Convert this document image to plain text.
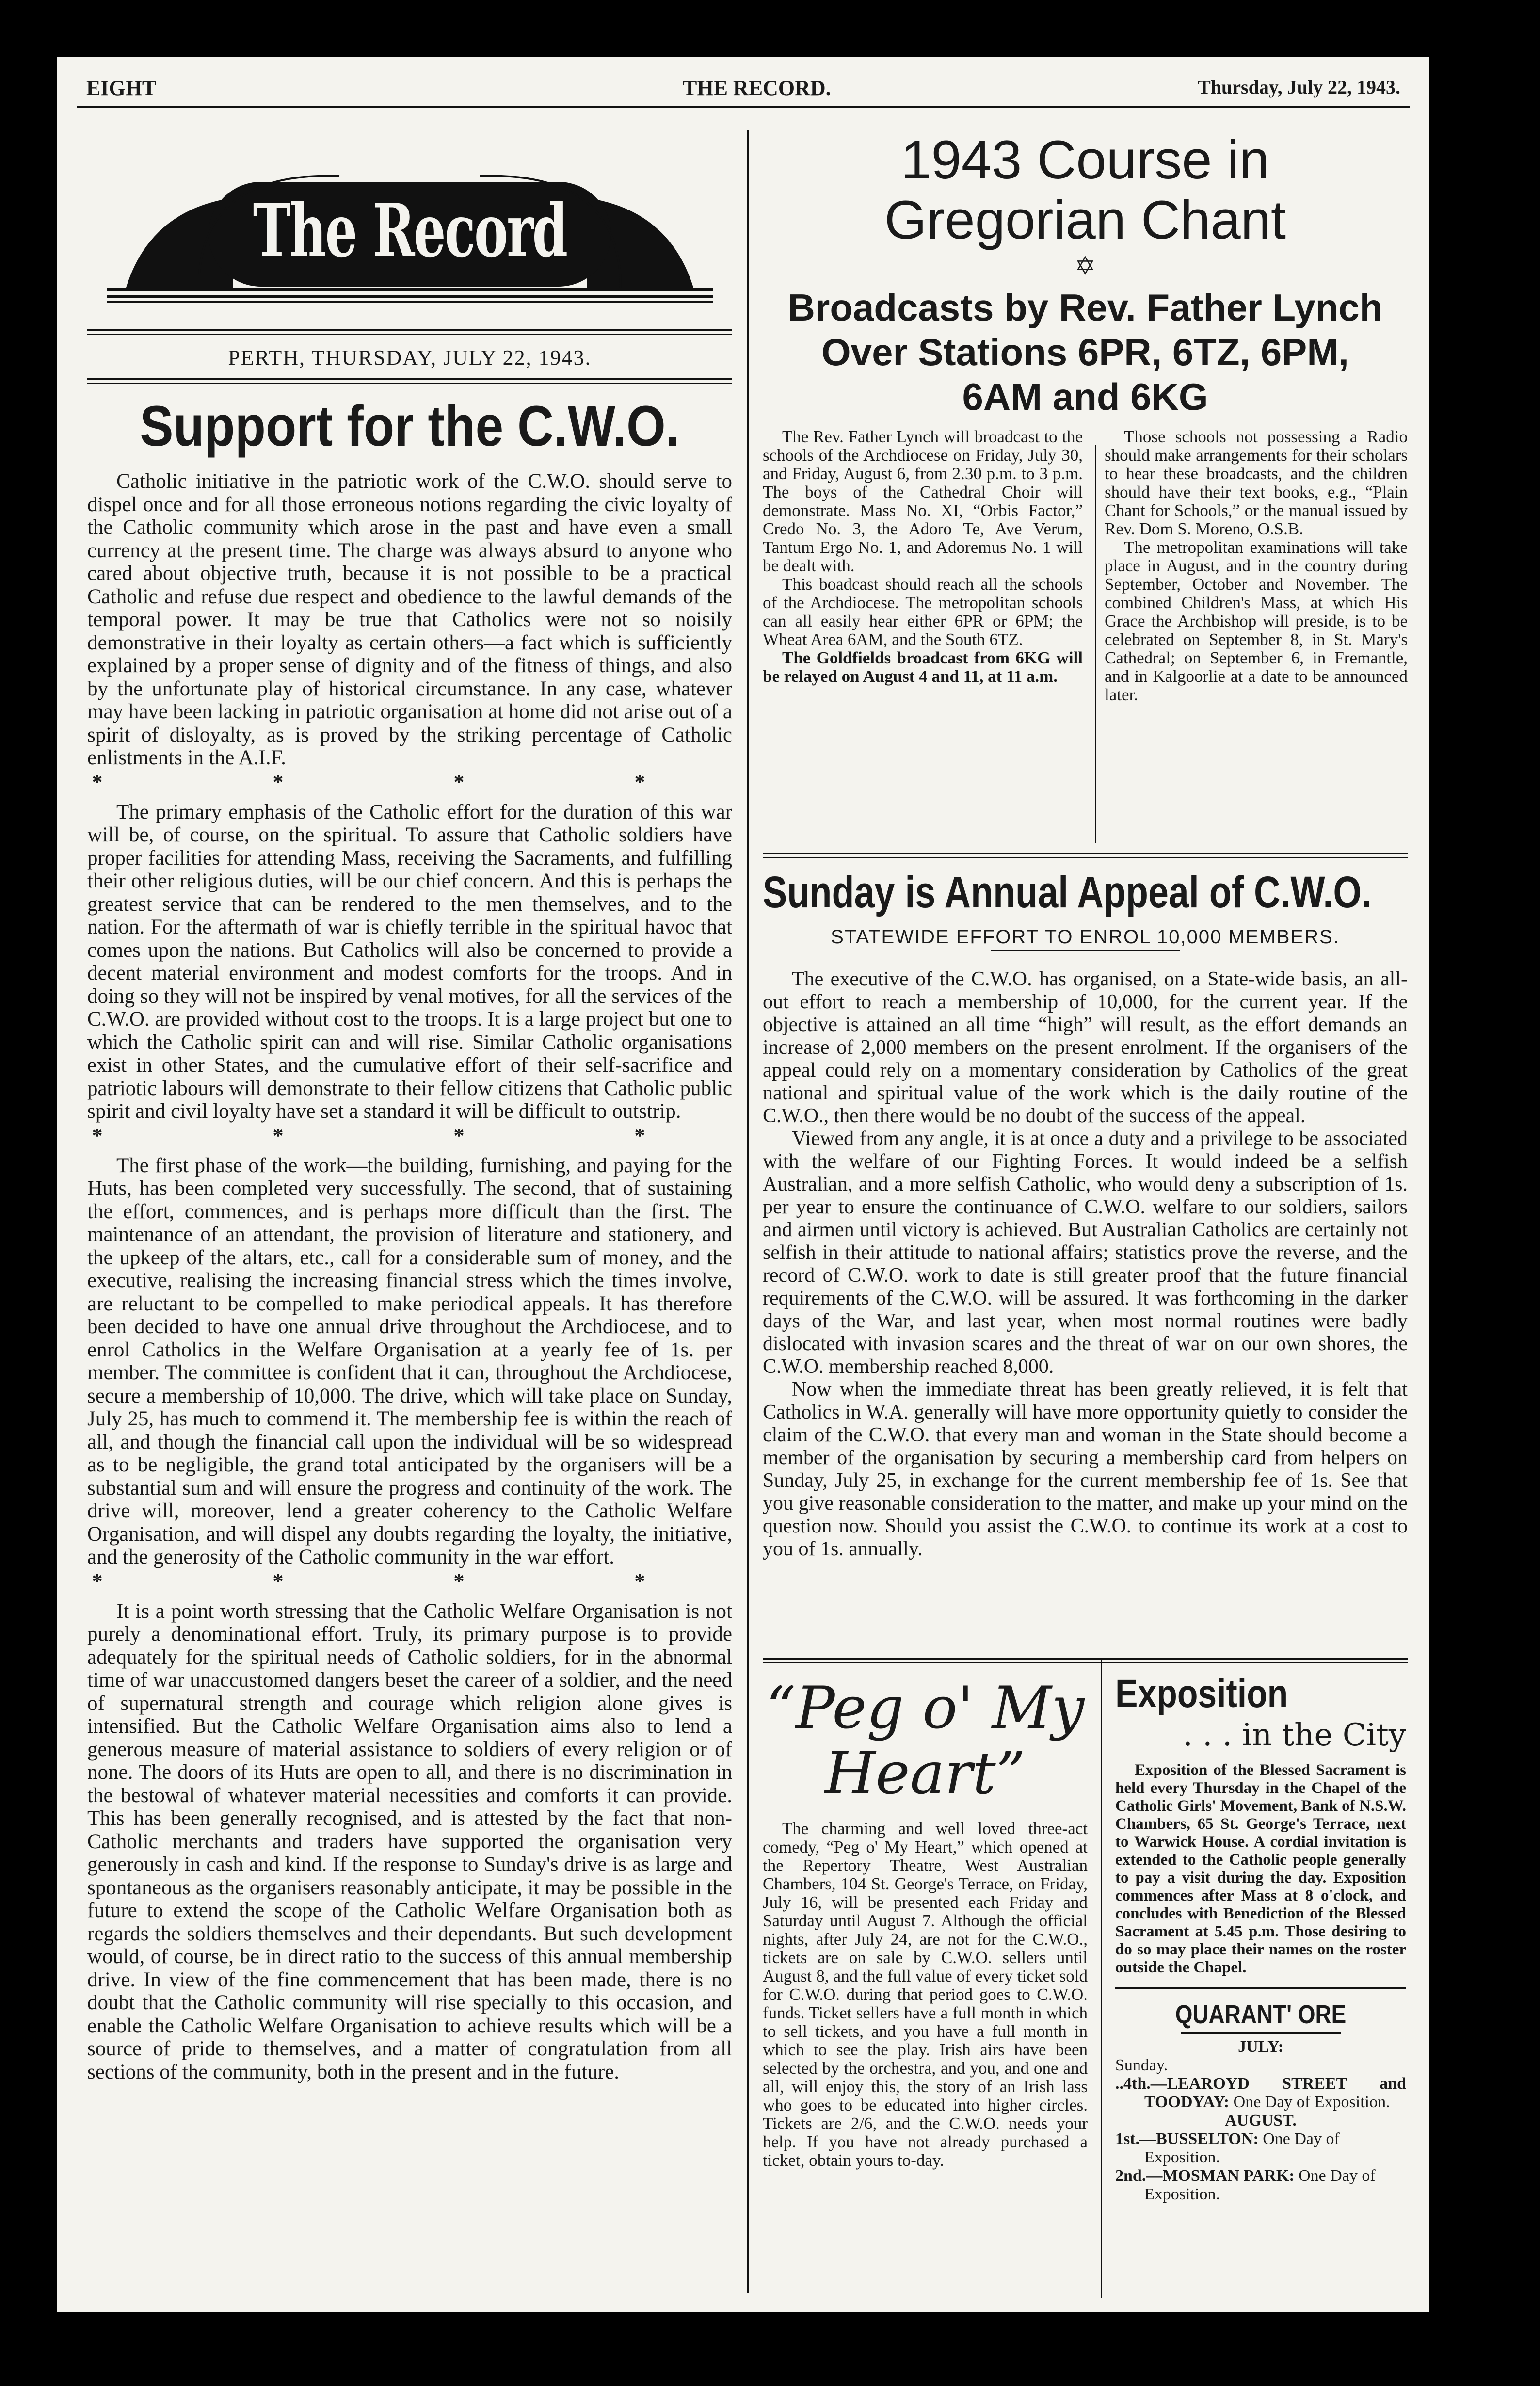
EIGHT	THE RECORD.	Thursday, July 22, 1943.
The Record
PERTH, THURSDAY, JULY 22, 1943.
Support for the C.W.O.

Catholic initiative in the patriotic work of the C.W.O. should serve to dispel once and for all those erroneous notions regarding the civic loyalty of the Catholic community which arose in the past and have even a small currency at the present time. The charge was always absurd to anyone who cared about objective truth, because it is not possible to be a practical Catholic and refuse due respect and obedience to the lawful demands of the temporal power. It may be true that Catholics were not so noisily demonstrative in their loyalty as certain others—a fact which is sufficiently explained by a proper sense of dignity and of the fitness of things, and also by the unfortunate play of historical circumstance. In any case, whatever may have been lacking in patriotic organisation at home did not arise out of a spirit of disloyalty, as is proved by the striking percentage of Catholic enlistments in the A.I.F.

* * * *

The primary emphasis of the Catholic effort for the duration of this war will be, of course, on the spiritual. To assure that Catholic soldiers have proper facilities for attending Mass, receiving the Sacraments, and fulfilling their other religious duties, will be our chief concern. And this is perhaps the greatest service that can be rendered to the men themselves, and to the nation. For the aftermath of war is chiefly terrible in the spiritual havoc that comes upon the nations. But Catholics will also be concerned to provide a decent material environment and modest comforts for the troops. And in doing so they will not be inspired by venal motives, for all the services of the C.W.O. are provided without cost to the troops. It is a large project but one to which the Catholic spirit can and will rise. Similar Catholic organisations exist in other States, and the cumulative effort of their self-sacrifice and patriotic labours will demonstrate to their fellow citizens that Catholic public spirit and civil loyalty have set a standard it will be difficult to outstrip.

* * * *

The first phase of the work—the building, furnishing, and paying for the Huts, has been completed very successfully. The second, that of sustaining the effort, commences, and is perhaps more difficult than the first. The maintenance of an attendant, the provision of literature and stationery, and the upkeep of the altars, etc., call for a considerable sum of money, and the executive, realising the increasing financial stress which the times involve, are reluctant to be compelled to make periodical appeals. It has therefore been decided to have one annual drive throughout the Archdiocese, and to enrol Catholics in the Welfare Organisation at a yearly fee of 1s. per member. The committee is confident that it can, throughout the Archdiocese, secure a membership of 10,000. The drive, which will take place on Sunday, July 25, has much to commend it. The membership fee is within the reach of all, and though the financial call upon the individual will be so widespread as to be negligible, the grand total anticipated by the organisers will be a substantial sum and will ensure the progress and continuity of the work. The drive will, moreover, lend a greater coherency to the Catholic Welfare Organisation, and will dispel any doubts regarding the loyalty, the initiative, and the generosity of the Catholic community in the war effort.

* * * *

It is a point worth stressing that the Catholic Welfare Organisation is not purely a denominational effort. Truly, its primary purpose is to provide adequately for the spiritual needs of Catholic soldiers, for in the abnormal time of war unaccustomed dangers beset the career of a soldier, and the need of supernatural strength and courage which religion alone gives is intensified. But the Catholic Welfare Organisation aims also to lend a generous measure of material assistance to soldiers of every religion or of none. The doors of its Huts are open to all, and there is no discrimination in the bestowal of whatever material necessities and comforts it can provide. This has been generally recognised, and is attested by the fact that non-Catholic merchants and traders have supported the organisation very generously in cash and kind. If the response to Sunday's drive is as large and spontaneous as the organisers reasonably anticipate, it may be possible in the future to extend the scope of the Catholic Welfare Organisation both as regards the soldiers themselves and their dependants. But such development would, of course, be in direct ratio to the success of this annual membership drive. In view of the fine commencement that has been made, there is no doubt that the Catholic community will rise specially to this occasion, and enable the Catholic Welfare Organisation to achieve results which will be a source of pride to themselves, and a matter of congratulation from all sections of the community, both in the present and in the future.

1943 Course in Gregorian Chant
✡
Broadcasts by Rev. Father Lynch Over Stations 6PR, 6TZ, 6PM, 6AM and 6KG

The Rev. Father Lynch will broadcast to the schools of the Archdiocese on Friday, July 30, and Friday, August 6, from 2.30 p.m. to 3 p.m. The boys of the Cathedral Choir will demonstrate. Mass No. XI, “Orbis Factor,” Credo No. 3, the Adoro Te, Ave Verum, Tantum Ergo No. 1, and Adoremus No. 1 will be dealt with.

This boadcast should reach all the schools of the Archdiocese. The metropolitan schools can all easily hear either 6PR or 6PM; the Wheat Area 6AM, and the South 6TZ.

The Goldfields broadcast from 6KG will be relayed on August 4 and 11, at 11 a.m.

Those schools not possessing a Radio should make arrangements for their scholars to hear these broadcasts, and the children should have their text books, e.g., “Plain Chant for Schools,” or the manual issued by Rev. Dom S. Moreno, O.S.B.

The metropolitan examinations will take place in August, and in the country during September, October and November. The combined Children's Mass, at which His Grace the Archbishop will preside, is to be celebrated on September 8, in St. Mary's Cathedral; on September 6, in Fremantle, and in Kalgoorlie at a date to be announced later.

Sunday is Annual Appeal of C.W.O.
STATEWIDE EFFORT TO ENROL 10,000 MEMBERS.

The executive of the C.W.O. has organised, on a State-wide basis, an all-out effort to reach a membership of 10,000, for the current year. If the objective is attained an all time “high” will result, as the effort demands an increase of 2,000 members on the present enrolment. If the organisers of the appeal could rely on a momentary consideration by Catholics of the great national and spiritual value of the work which is the daily routine of the C.W.O., then there would be no doubt of the success of the appeal.

Viewed from any angle, it is at once a duty and a privilege to be associated with the welfare of our Fighting Forces. It would indeed be a selfish Australian, and a more selfish Catholic, who would deny a subscription of 1s. per year to ensure the continuance of C.W.O. welfare to our soldiers, sailors and airmen until victory is achieved. But Australian Catholics are certainly not selfish in their attitude to national affairs; statistics prove the reverse, and the record of C.W.O. work to date is still greater proof that the future financial requirements of the C.W.O. will be assured. It was forthcoming in the darker days of the War, and last year, when most normal routines were badly dislocated with invasion scares and the threat of war on our own shores, the C.W.O. membership reached 8,000.

Now when the immediate threat has been greatly relieved, it is felt that Catholics in W.A. generally will have more opportunity quietly to consider the claim of the C.W.O. that every man and woman in the State should become a member of the organisation by securing a membership card from helpers on Sunday, July 25, in exchange for the current membership fee of 1s. See that you give reasonable consideration to the matter, and make up your mind on the question now. Should you assist the C.W.O. to continue its work at a cost to you of 1s. annually.

“Peg o' My
Heart”

The charming and well loved three-act comedy, “Peg o' My Heart,” which opened at the Repertory Theatre, West Australian Chambers, 104 St. George's Terrace, on Friday, July 16, will be presented each Friday and Saturday until August 7. Although the official nights, after July 24, are not for the C.W.O., tickets are on sale by C.W.O. sellers until August 8, and the full value of every ticket sold for C.W.O. during that period goes to C.W.O. funds. Ticket sellers have a full month in which to sell tickets, and you have a full month in which to see the play. Irish airs have been selected by the orchestra, and you, and one and all, will enjoy this, the story of an Irish lass who goes to be educated into higher circles. Tickets are 2/6, and the C.W.O. needs your help. If you have not already purchased a ticket, obtain yours to-day.

Exposition
. . . in the City

Exposition of the Blessed Sacrament is held every Thursday in the Chapel of the Catholic Girls' Movement, Bank of N.S.W. Chambers, 65 St. George's Terrace, next to Warwick House. A cordial invitation is extended to the Catholic people generally to pay a visit during the day. Exposition commences after Mass at 8 o'clock, and concludes with Benediction of the Blessed Sacrament at 5.45 p.m. Those desiring to do so may place their names on the roster outside the Chapel.

QUARANT' ORE
JULY:
Sunday.
..4th.—LEAROYD STREET and TOODYAY: One Day of Exposition.
AUGUST.
1st.—BUSSELTON: One Day of Exposition.
2nd.—MOSMAN PARK: One Day of Exposition.
